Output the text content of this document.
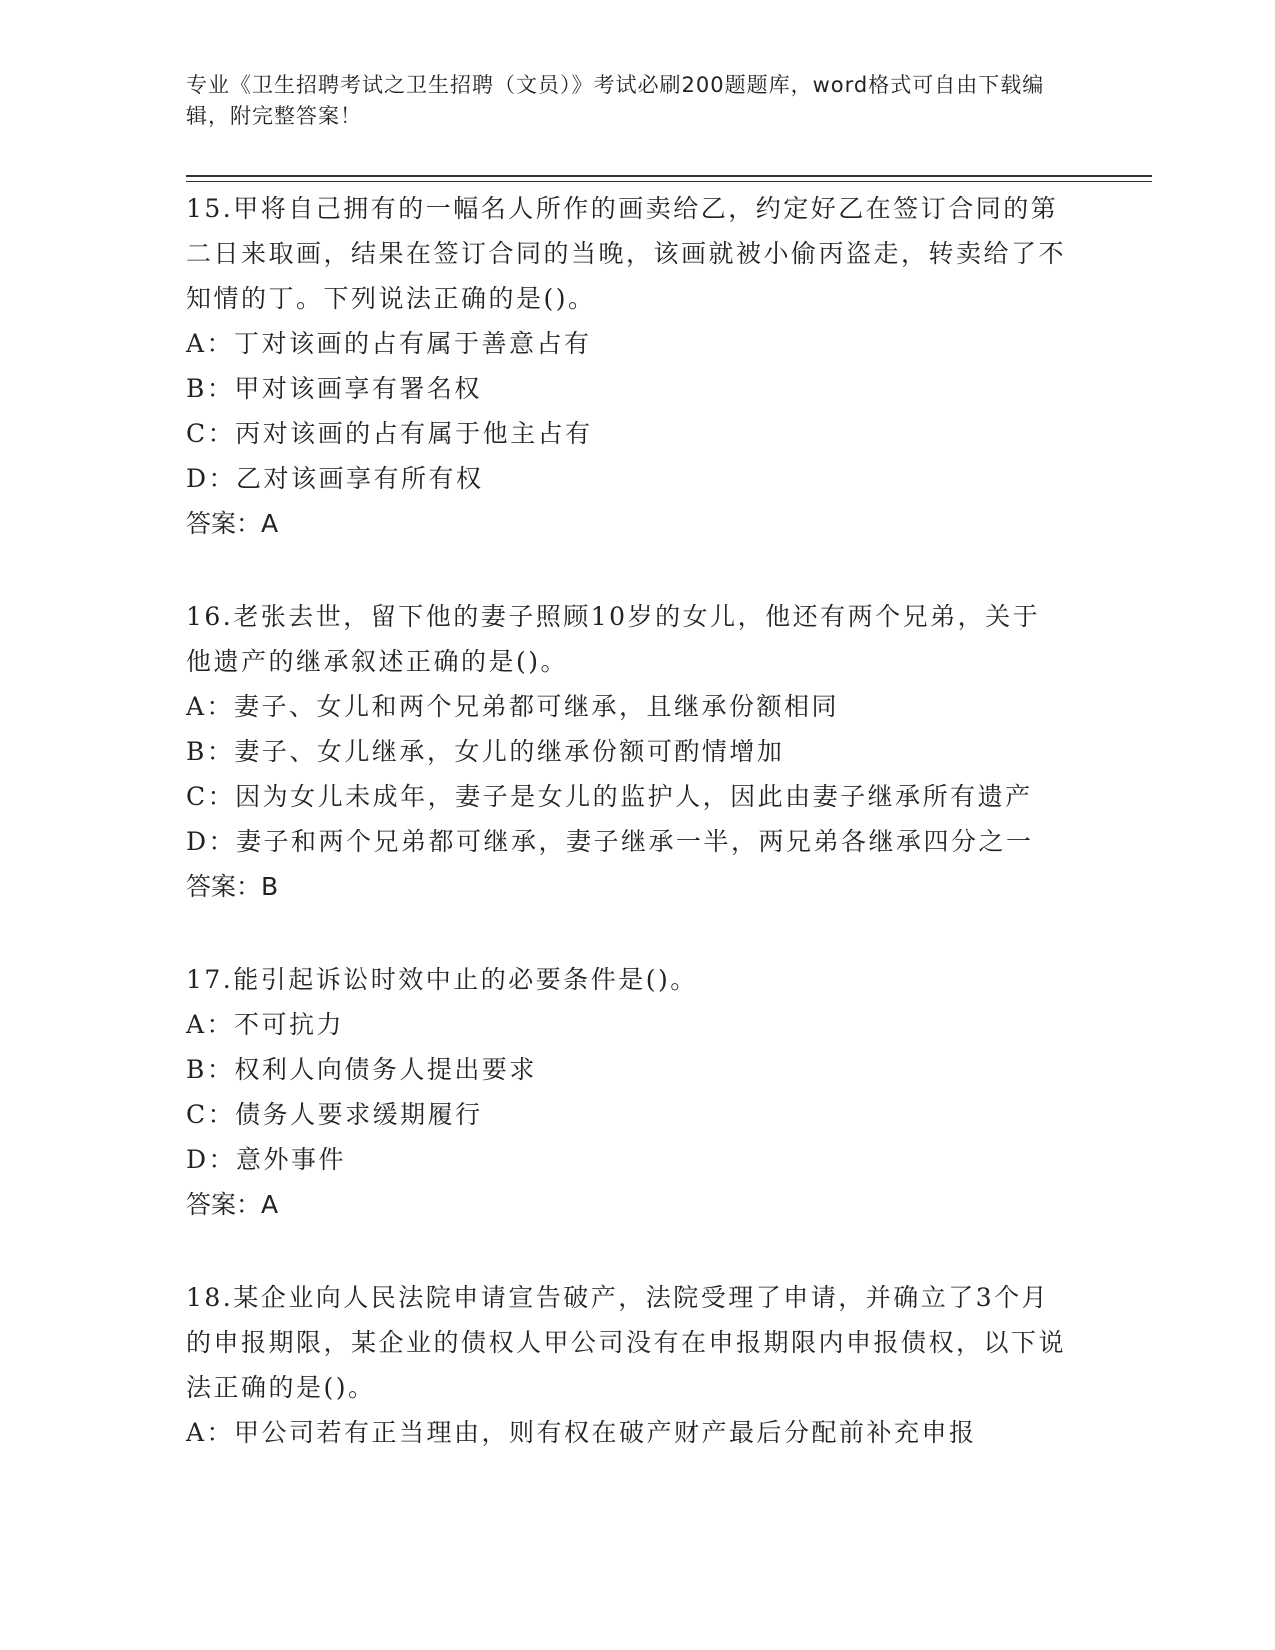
专业《卫生招聘考试之卫生招聘（文员）》考试必刷200题题库，word格式可自由下载编辑，附完整答案！
15.甲将自己拥有的一幅名人所作的画卖给乙，约定好乙在签订合同的第二日来取画，结果在签订合同的当晚，该画就被小偷丙盗走，转卖给了不知情的丁。下列说法正确的是()。
A：丁对该画的占有属于善意占有
B：甲对该画享有署名权
C：丙对该画的占有属于他主占有
D：乙对该画享有所有权
答案：A
16.老张去世，留下他的妻子照顾10岁的女儿，他还有两个兄弟，关于他遗产的继承叙述正确的是()。
A：妻子、女儿和两个兄弟都可继承，且继承份额相同
B：妻子、女儿继承，女儿的继承份额可酌情增加
C：因为女儿未成年，妻子是女儿的监护人，因此由妻子继承所有遗产
D：妻子和两个兄弟都可继承，妻子继承一半，两兄弟各继承四分之一
答案：B
17.能引起诉讼时效中止的必要条件是()。
A：不可抗力
B：权利人向债务人提出要求
C：债务人要求缓期履行
D：意外事件
答案：A
18.某企业向人民法院申请宣告破产，法院受理了申请，并确立了3个月的申报期限，某企业的债权人甲公司没有在申报期限内申报债权，以下说法正确的是()。
A：甲公司若有正当理由，则有权在破产财产最后分配前补充申报
